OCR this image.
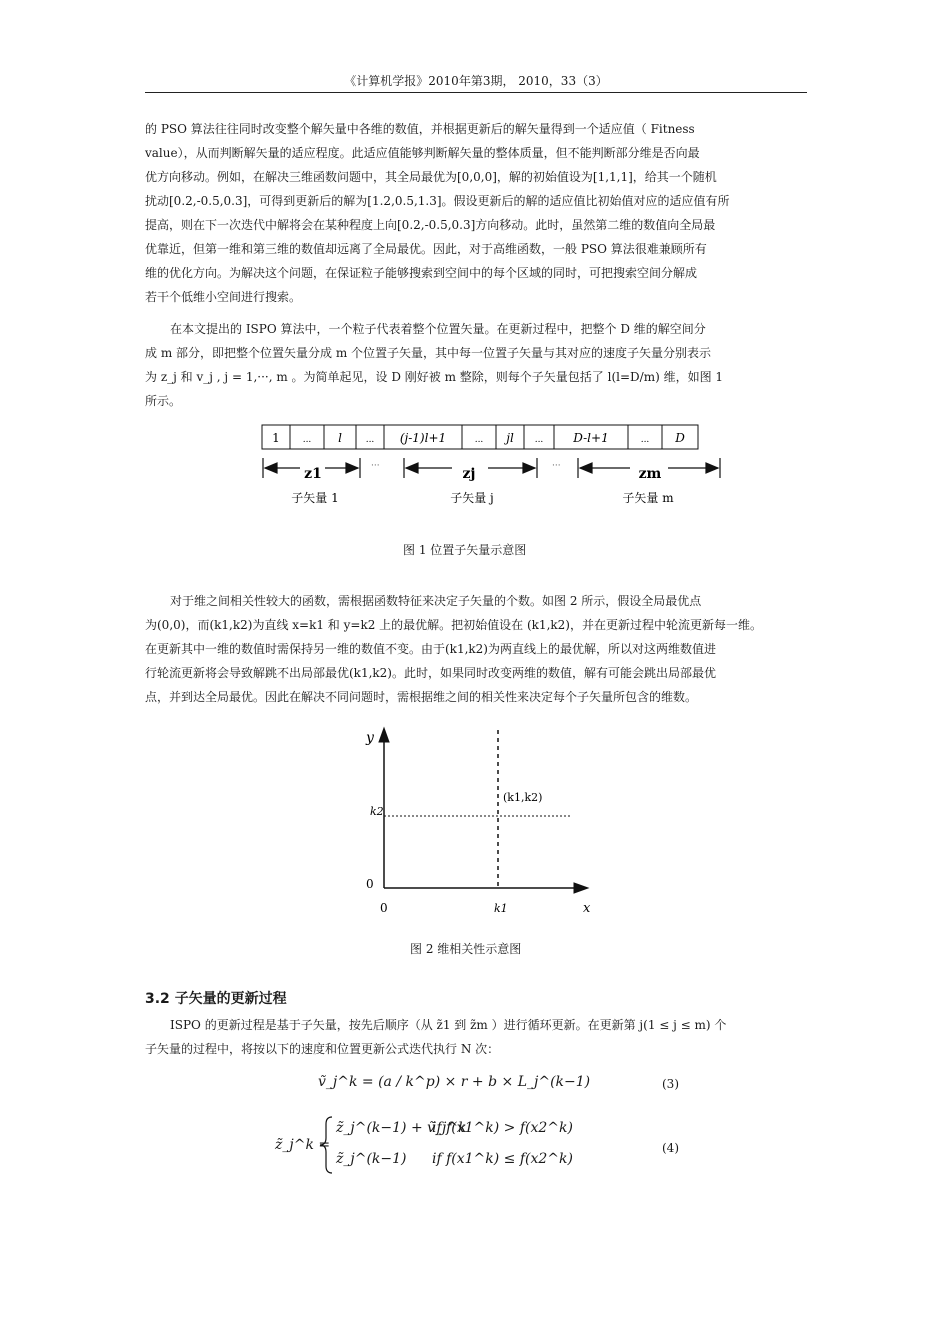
《计算机学报》2010年第3期， 2010，33（3）
的 PSO 算法往往同时改变整个解矢量中各维的数值，并根据更新后的解矢量得到一个适应值（ Fitness
value），从而判断解矢量的适应程度。此适应值能够判断解矢量的整体质量，但不能判断部分维是否向最
优方向移动。例如，在解决三维函数问题中，其全局最优为[0,0,0]，解的初始值设为[1,1,1]，给其一个随机
扰动[0.2,-0.5,0.3]，可得到更新后的解为[1.2,0.5,1.3]。假设更新后的解的适应值比初始值对应的适应值有所
提高，则在下一次迭代中解将会在某种程度上向[0.2,-0.5,0.3]方向移动。此时，虽然第二维的数值向全局最
优靠近，但第一维和第三维的数值却远离了全局最优。因此，对于高维函数，一般 PSO 算法很难兼顾所有
维的优化方向。为解决这个问题，在保证粒子能够搜索到空间中的每个区域的同时，可把搜索空间分解成
若干个低维小空间进行搜索。
在本文提出的 ISPO 算法中，一个粒子代表着整个位置矢量。在更新过程中，把整个 D 维的解空间分
成 m 部分，即把整个位置矢量分成 m 个位置子矢量，其中每一位置子矢量与其对应的速度子矢量分别表示
为 z_j 和 v_j , j = 1,···, m 。为简单起见，设 D 刚好被 m 整除，则每个子矢量包括了 l(l=D/m) 维，如图 1
所示。
1	... l	... (j-1)l+1	... jl ... D-l+1	... D
z1	zj	zm
···	···
子矢量 1	子矢量 j	子矢量 m
图 1 位置子矢量示意图
对于维之间相关性较大的函数，需根据函数特征来决定子矢量的个数。如图 2 所示，假设全局最优点
为(0,0)，而(k1,k2)为直线 x=k1 和 y=k2 上的最优解。把初始值设在 (k1,k2)，并在更新过程中轮流更新每一维。
在更新其中一维的数值时需保持另一维的数值不变。由于(k1,k2)为两直线上的最优解，所以对这两维数值进
行轮流更新将会导致解跳不出局部最优(k1,k2)。此时，如果同时改变两维的数值，解有可能会跳出局部最优
点，并到达全局最优。因此在解决不同问题时，需根据维之间的相关性来决定每个子矢量所包含的维数。
y
x
0
0
k2
k1
(k1,k2)
图 2 维相关性示意图
3.2 子矢量的更新过程
ISPO 的更新过程是基于子矢量，按先后顺序（从 z̃1 到 z̃m ）进行循环更新。在更新第 j(1 ≤ j ≤ m) 个
子矢量的过程中，将按以下的速度和位置更新公式迭代执行 N 次：
ṽ_j^k = (a / k^p) × r + b × L_j^(k−1)	(3)
z̃_j^k =
z̃_j^(k−1) + ṽ_j^k
if f(x1^k) > f(x2^k)
z̃_j^(k−1) if f(x1^k) ≤ f(x2^k)
(4)
